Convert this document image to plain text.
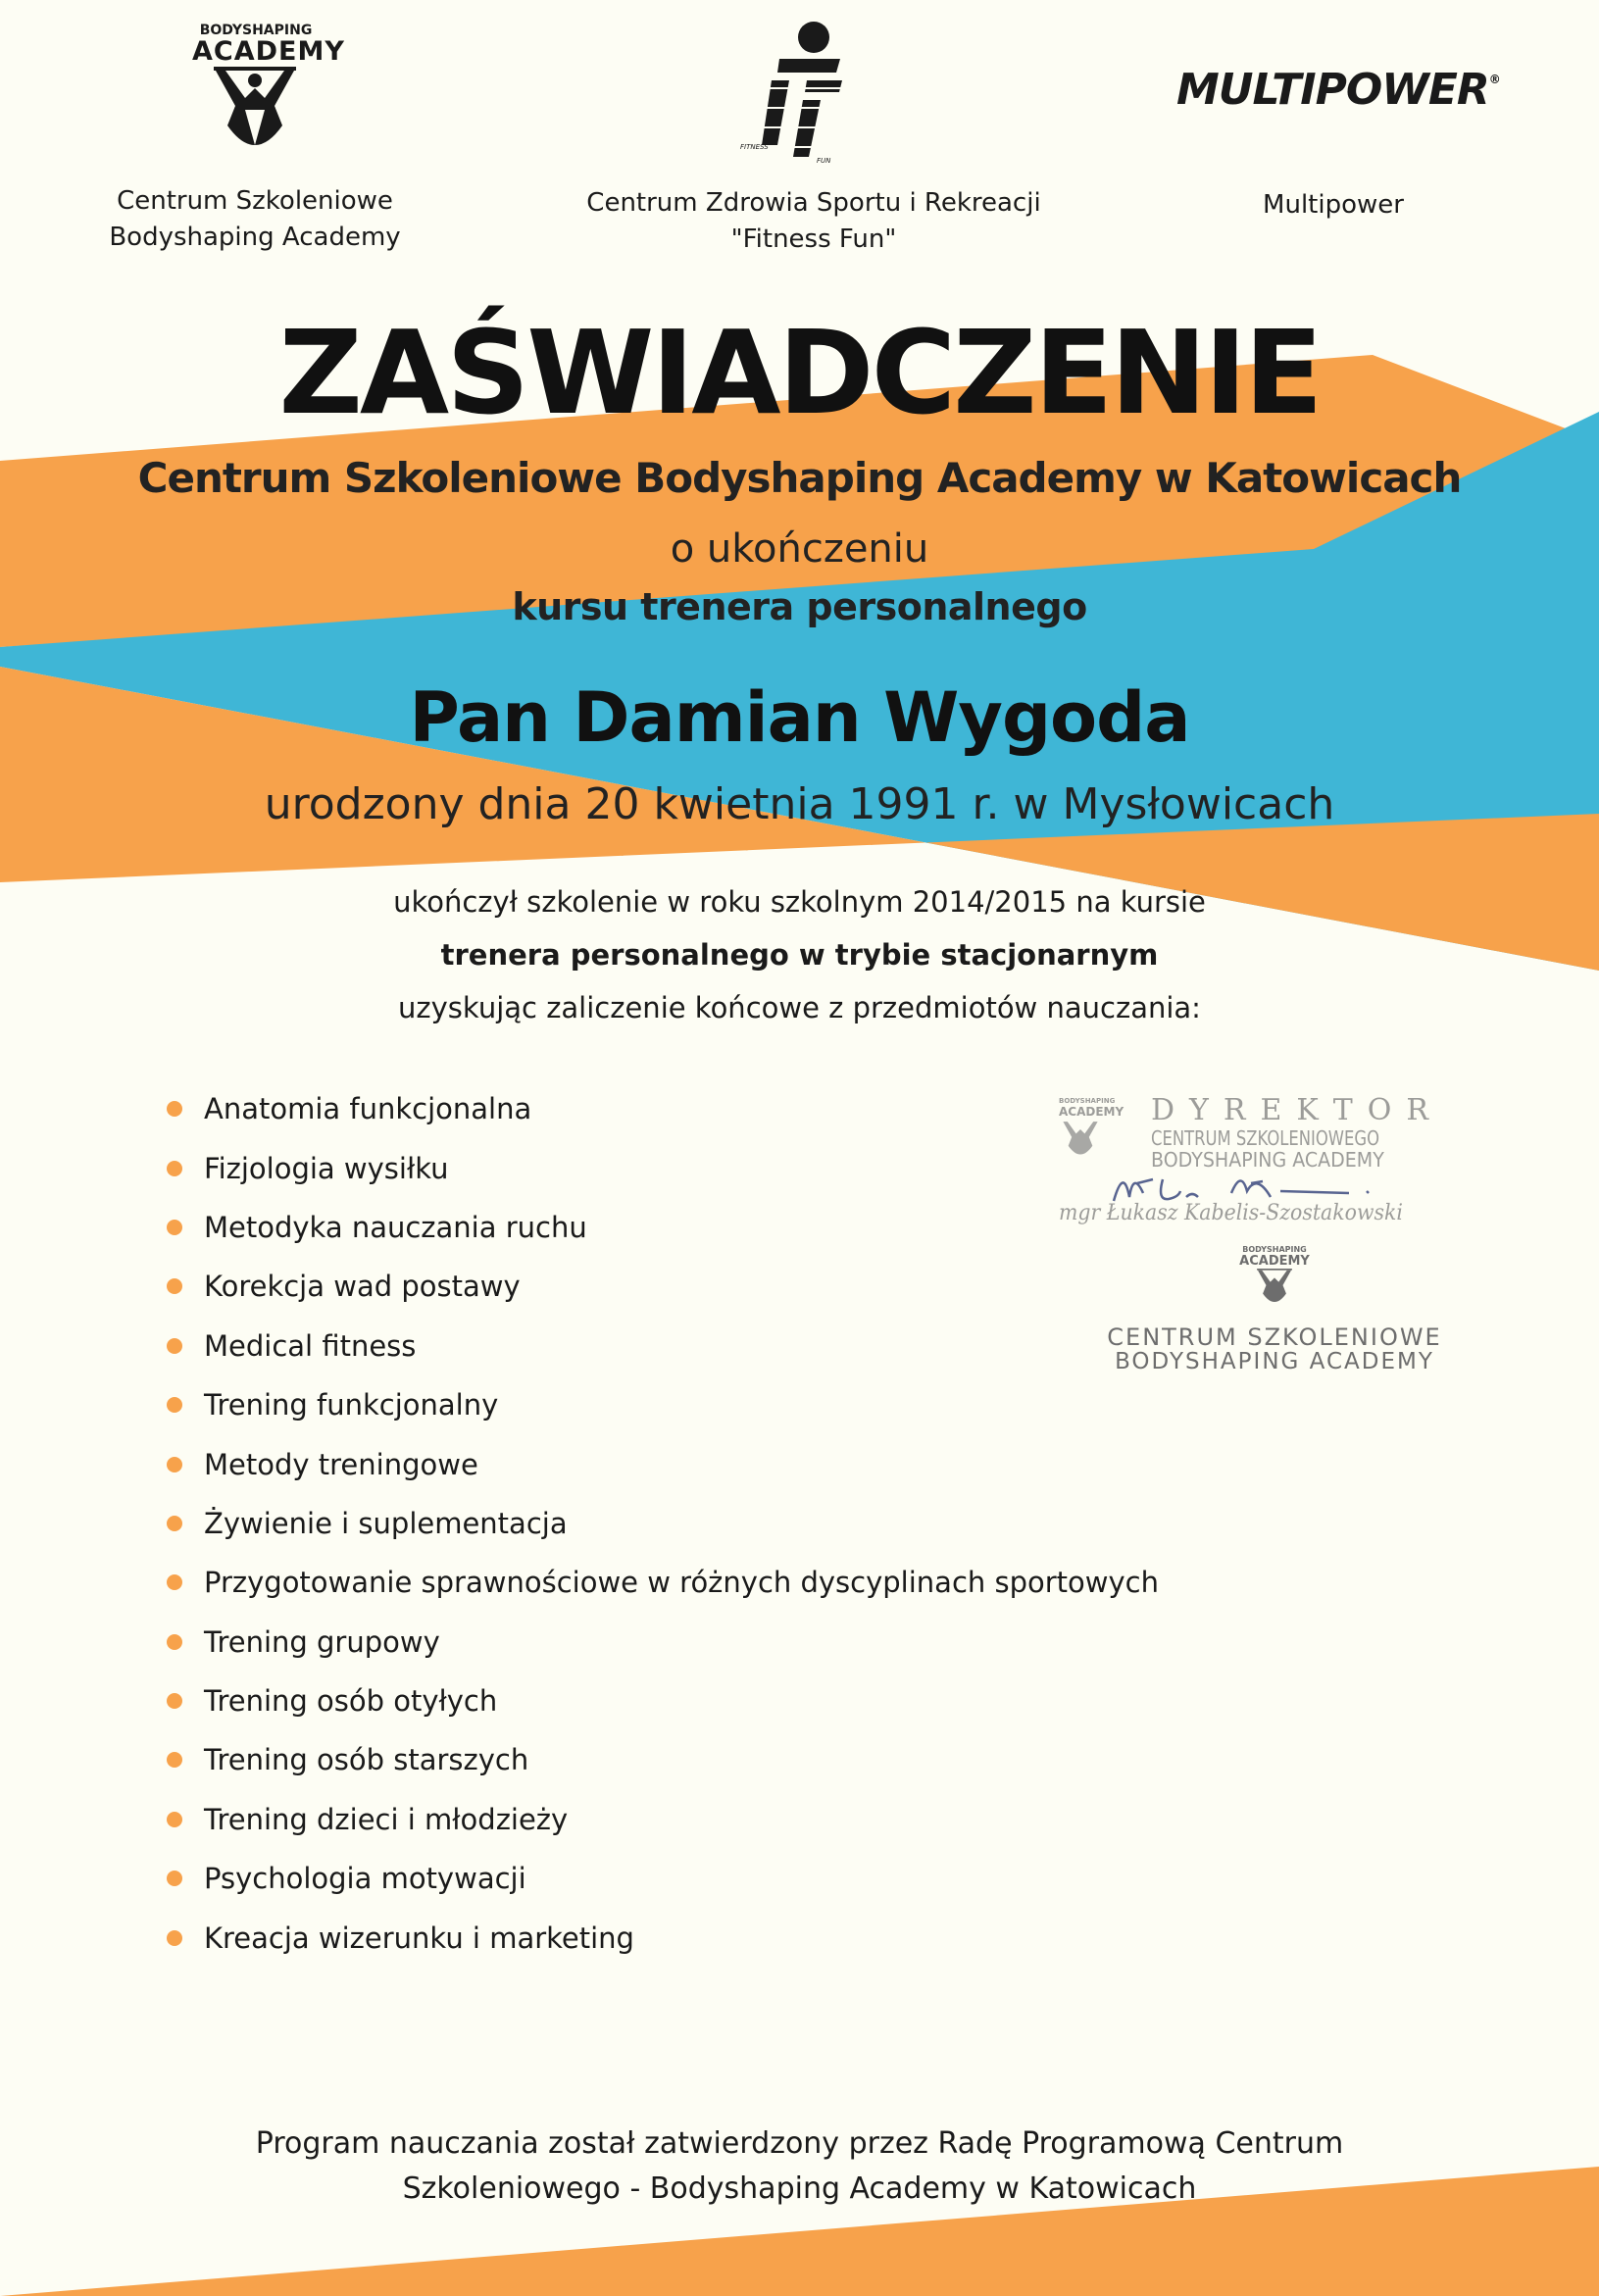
BODYSHAPING
ACADEMY
FITNESS
FUN
MULTIPOWER®
Centrum Szkoleniowe
Bodyshaping Academy
Centrum Zdrowia Sportu i Rekreacji
"Fitness Fun"
Multipower
ZAŚWIADCZENIE
Centrum Szkoleniowe Bodyshaping Academy w Katowicach
o ukończeniu
kursu trenera personalnego
Pan Damian Wygoda
urodzony dnia 20 kwietnia 1991 r. w Mysłowicach
ukończył szkolenie w roku szkolnym 2014/2015 na kursie
trenera personalnego w trybie stacjonarnym
uzyskując zaliczenie końcowe z przedmiotów nauczania:
Anatomia funkcjonalna
Fizjologia wysiłku
Metodyka nauczania ruchu
Korekcja wad postawy
Medical fitness
Trening funkcjonalny
Metody treningowe
Żywienie i suplementacja
Przygotowanie sprawnościowe w różnych dyscyplinach sportowych
Trening grupowy
Trening osób otyłych
Trening osób starszych
Trening dzieci i młodzieży
Psychologia motywacji
Kreacja wizerunku i marketing
BODYSHAPING
ACADEMY DYREKTOR
CENTRUM SZKOLENIOWEGO
BODYSHAPING ACADEMY
mgr Łukasz Kabelis-Szostakowski
BODYSHAPING
ACADEMY
CENTRUM SZKOLENIOWE
BODYSHAPING ACADEMY
Program nauczania został zatwierdzony przez Radę Programową Centrum
Szkoleniowego - Bodyshaping Academy w Katowicach
